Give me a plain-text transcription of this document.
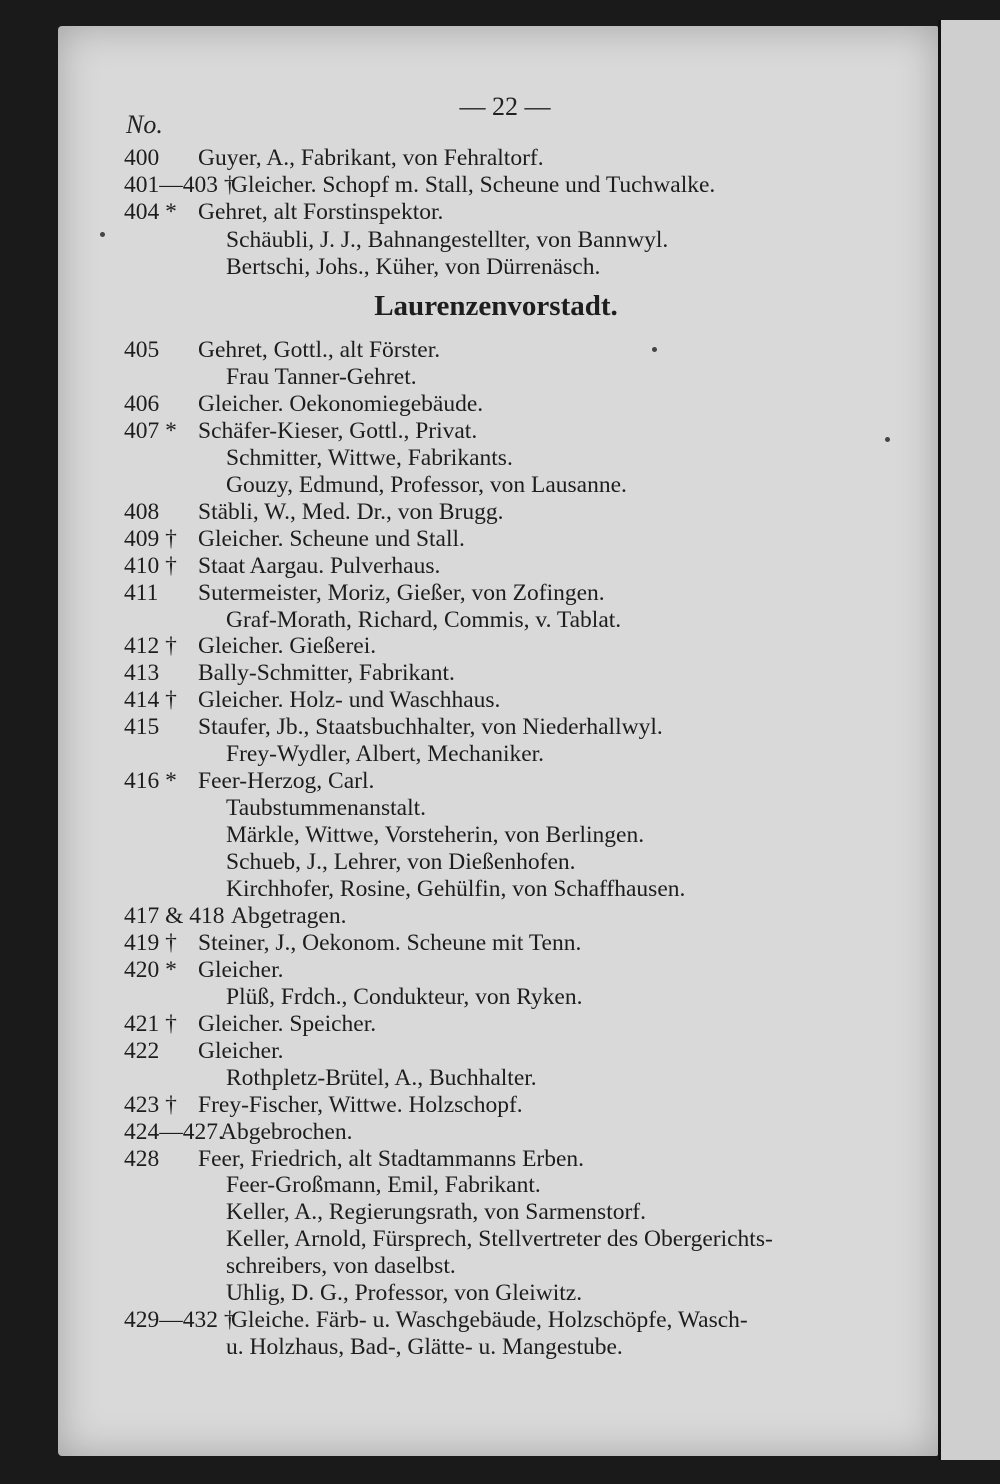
— 22 —
No.
400 Guyer, A., Fabrikant, von Fehraltorf.
401—403 †
Gleicher. Schopf m. Stall, Scheune und Tuchwalke.
404 * Gehret, alt Forstinspektor.
Schäubli, J. J., Bahnangestellter, von Bannwyl.
Bertschi, Johs., Küher, von Dürrenäsch.
Laurenzenvorstadt.
405 Gehret, Gottl., alt Förster.
Frau Tanner-Gehret.
406 Gleicher. Oekonomiegebäude.
407 * Schäfer-Kieser, Gottl., Privat.
Schmitter, Wittwe, Fabrikants.
Gouzy, Edmund, Professor, von Lausanne.
408 Stäbli, W., Med. Dr., von Brugg.
409 † Gleicher. Scheune und Stall.
410 † Staat Aargau. Pulverhaus.
411 Sutermeister, Moriz, Gießer, von Zofingen.
Graf-Morath, Richard, Commis, v. Tablat.
412 † Gleicher. Gießerei.
413 Bally-Schmitter, Fabrikant.
414 † Gleicher. Holz- und Waschhaus.
415 Staufer, Jb., Staatsbuchhalter, von Niederhallwyl.
Frey-Wydler, Albert, Mechaniker.
416 * Feer-Herzog, Carl.
Taubstummenanstalt.
Märkle, Wittwe, Vorsteherin, von Berlingen.
Schueb, J., Lehrer, von Dießenhofen.
Kirchhofer, Rosine, Gehülfin, von Schaffhausen.
417 & 418 Abgetragen.
419 † Steiner, J., Oekonom. Scheune mit Tenn.
420 * Gleicher.
Plüß, Frdch., Condukteur, von Ryken.
421 † Gleicher. Speicher.
422 Gleicher.
Rothpletz-Brütel, A., Buchhalter.
423 † Frey-Fischer, Wittwe. Holzschopf.
424—427.
Abgebrochen.
428 Feer, Friedrich, alt Stadtammanns Erben.
Feer-Großmann, Emil, Fabrikant.
Keller, A., Regierungsrath, von Sarmenstorf.
Keller, Arnold, Fürsprech, Stellvertreter des Obergerichts-
schreibers, von daselbst.
Uhlig, D. G., Professor, von Gleiwitz.
429—432 †
Gleiche. Färb- u. Waschgebäude, Holzschöpfe, Wasch-
u. Holzhaus, Bad-, Glätte- u. Mangestube.
